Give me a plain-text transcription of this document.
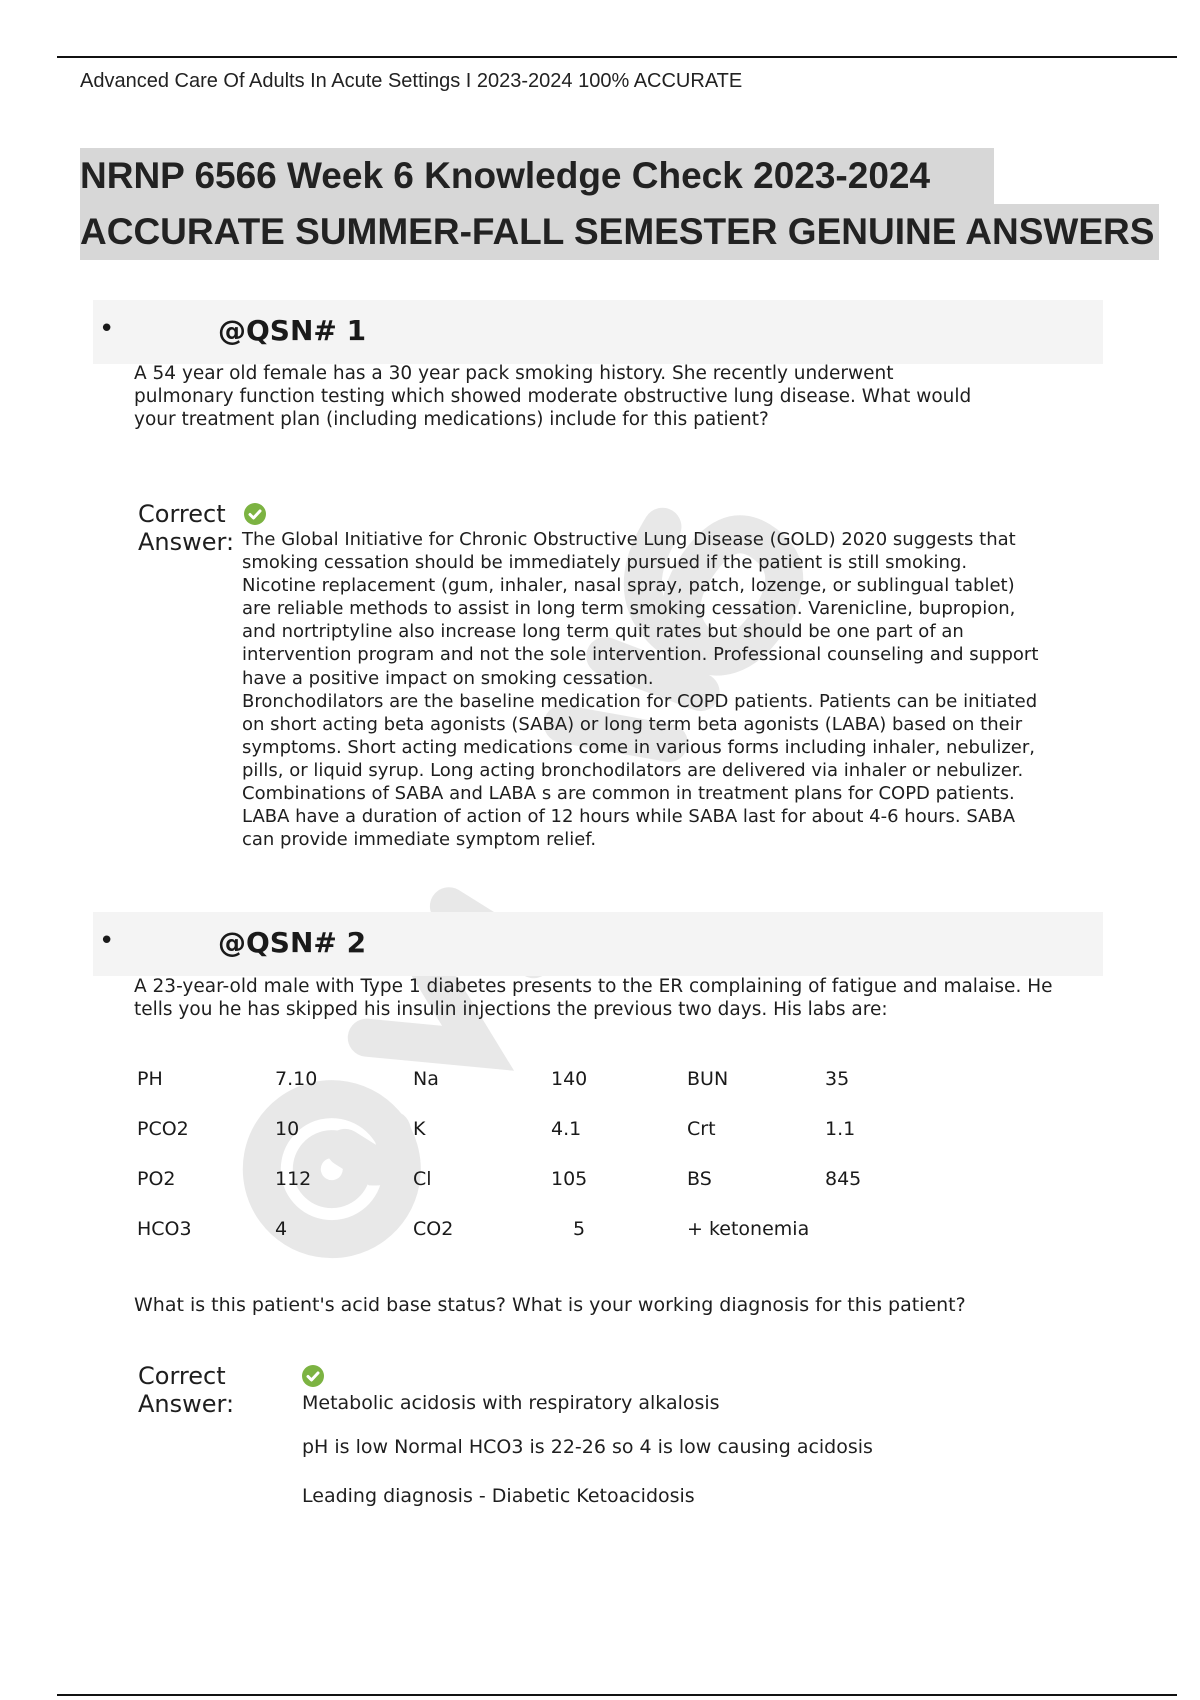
Advanced Care Of Adults In Acute Settings I 2023-2024 100% ACCURATE
NRNP 6566 Week 6 Knowledge Check 2023-2024
ACCURATE SUMMER-FALL SEMESTER GENUINE ANSWERS
•	@QSN# 1
A 54 year old female has a 30 year pack smoking history. She recently underwent pulmonary function testing which showed moderate obstructive lung disease. What would your treatment plan (including medications) include for this patient?
Correct
Answer: The Global Initiative for Chronic Obstructive Lung Disease (GOLD) 2020 suggests that smoking cessation should be immediately pursued if the patient is still smoking. Nicotine replacement (gum, inhaler, nasal spray, patch, lozenge, or sublingual tablet) are reliable methods to assist in long term smoking cessation. Varenicline, bupropion, and nortriptyline also increase long term quit rates but should be one part of an intervention program and not the sole intervention. Professional counseling and support have a positive impact on smoking cessation.

Bronchodilators are the baseline medication for COPD patients. Patients can be initiated on short acting beta agonists (SABA) or long term beta agonists (LABA) based on their symptoms. Short acting medications come in various forms including inhaler, nebulizer, pills, or liquid syrup. Long acting bronchodilators are delivered via inhaler or nebulizer. Combinations of SABA and LABA s are common in treatment plans for COPD patients. LABA have a duration of action of 12 hours while SABA last for about 4-6 hours. SABA can provide immediate symptom relief.

•	@QSN# 2
A 23-year-old male with Type 1 diabetes presents to the ER complaining of fatigue and malaise. He tells you he has skipped his insulin injections the previous two days. His labs are:
PH	7.10	Na	140	BUN	35
PCO2	10	K	4.1	Crt	1.1
PO2	112	Cl	105	BS	845
HCO3	4	CO2	5	+ ketonemia
What is this patient's acid base status? What is your working diagnosis for this patient?
Correct
Answer:	Metabolic acidosis with respiratory alkalosis
pH is low Normal HCO3 is 22-26 so 4 is low causing acidosis
Leading diagnosis - Diabetic Ketoacidosis
